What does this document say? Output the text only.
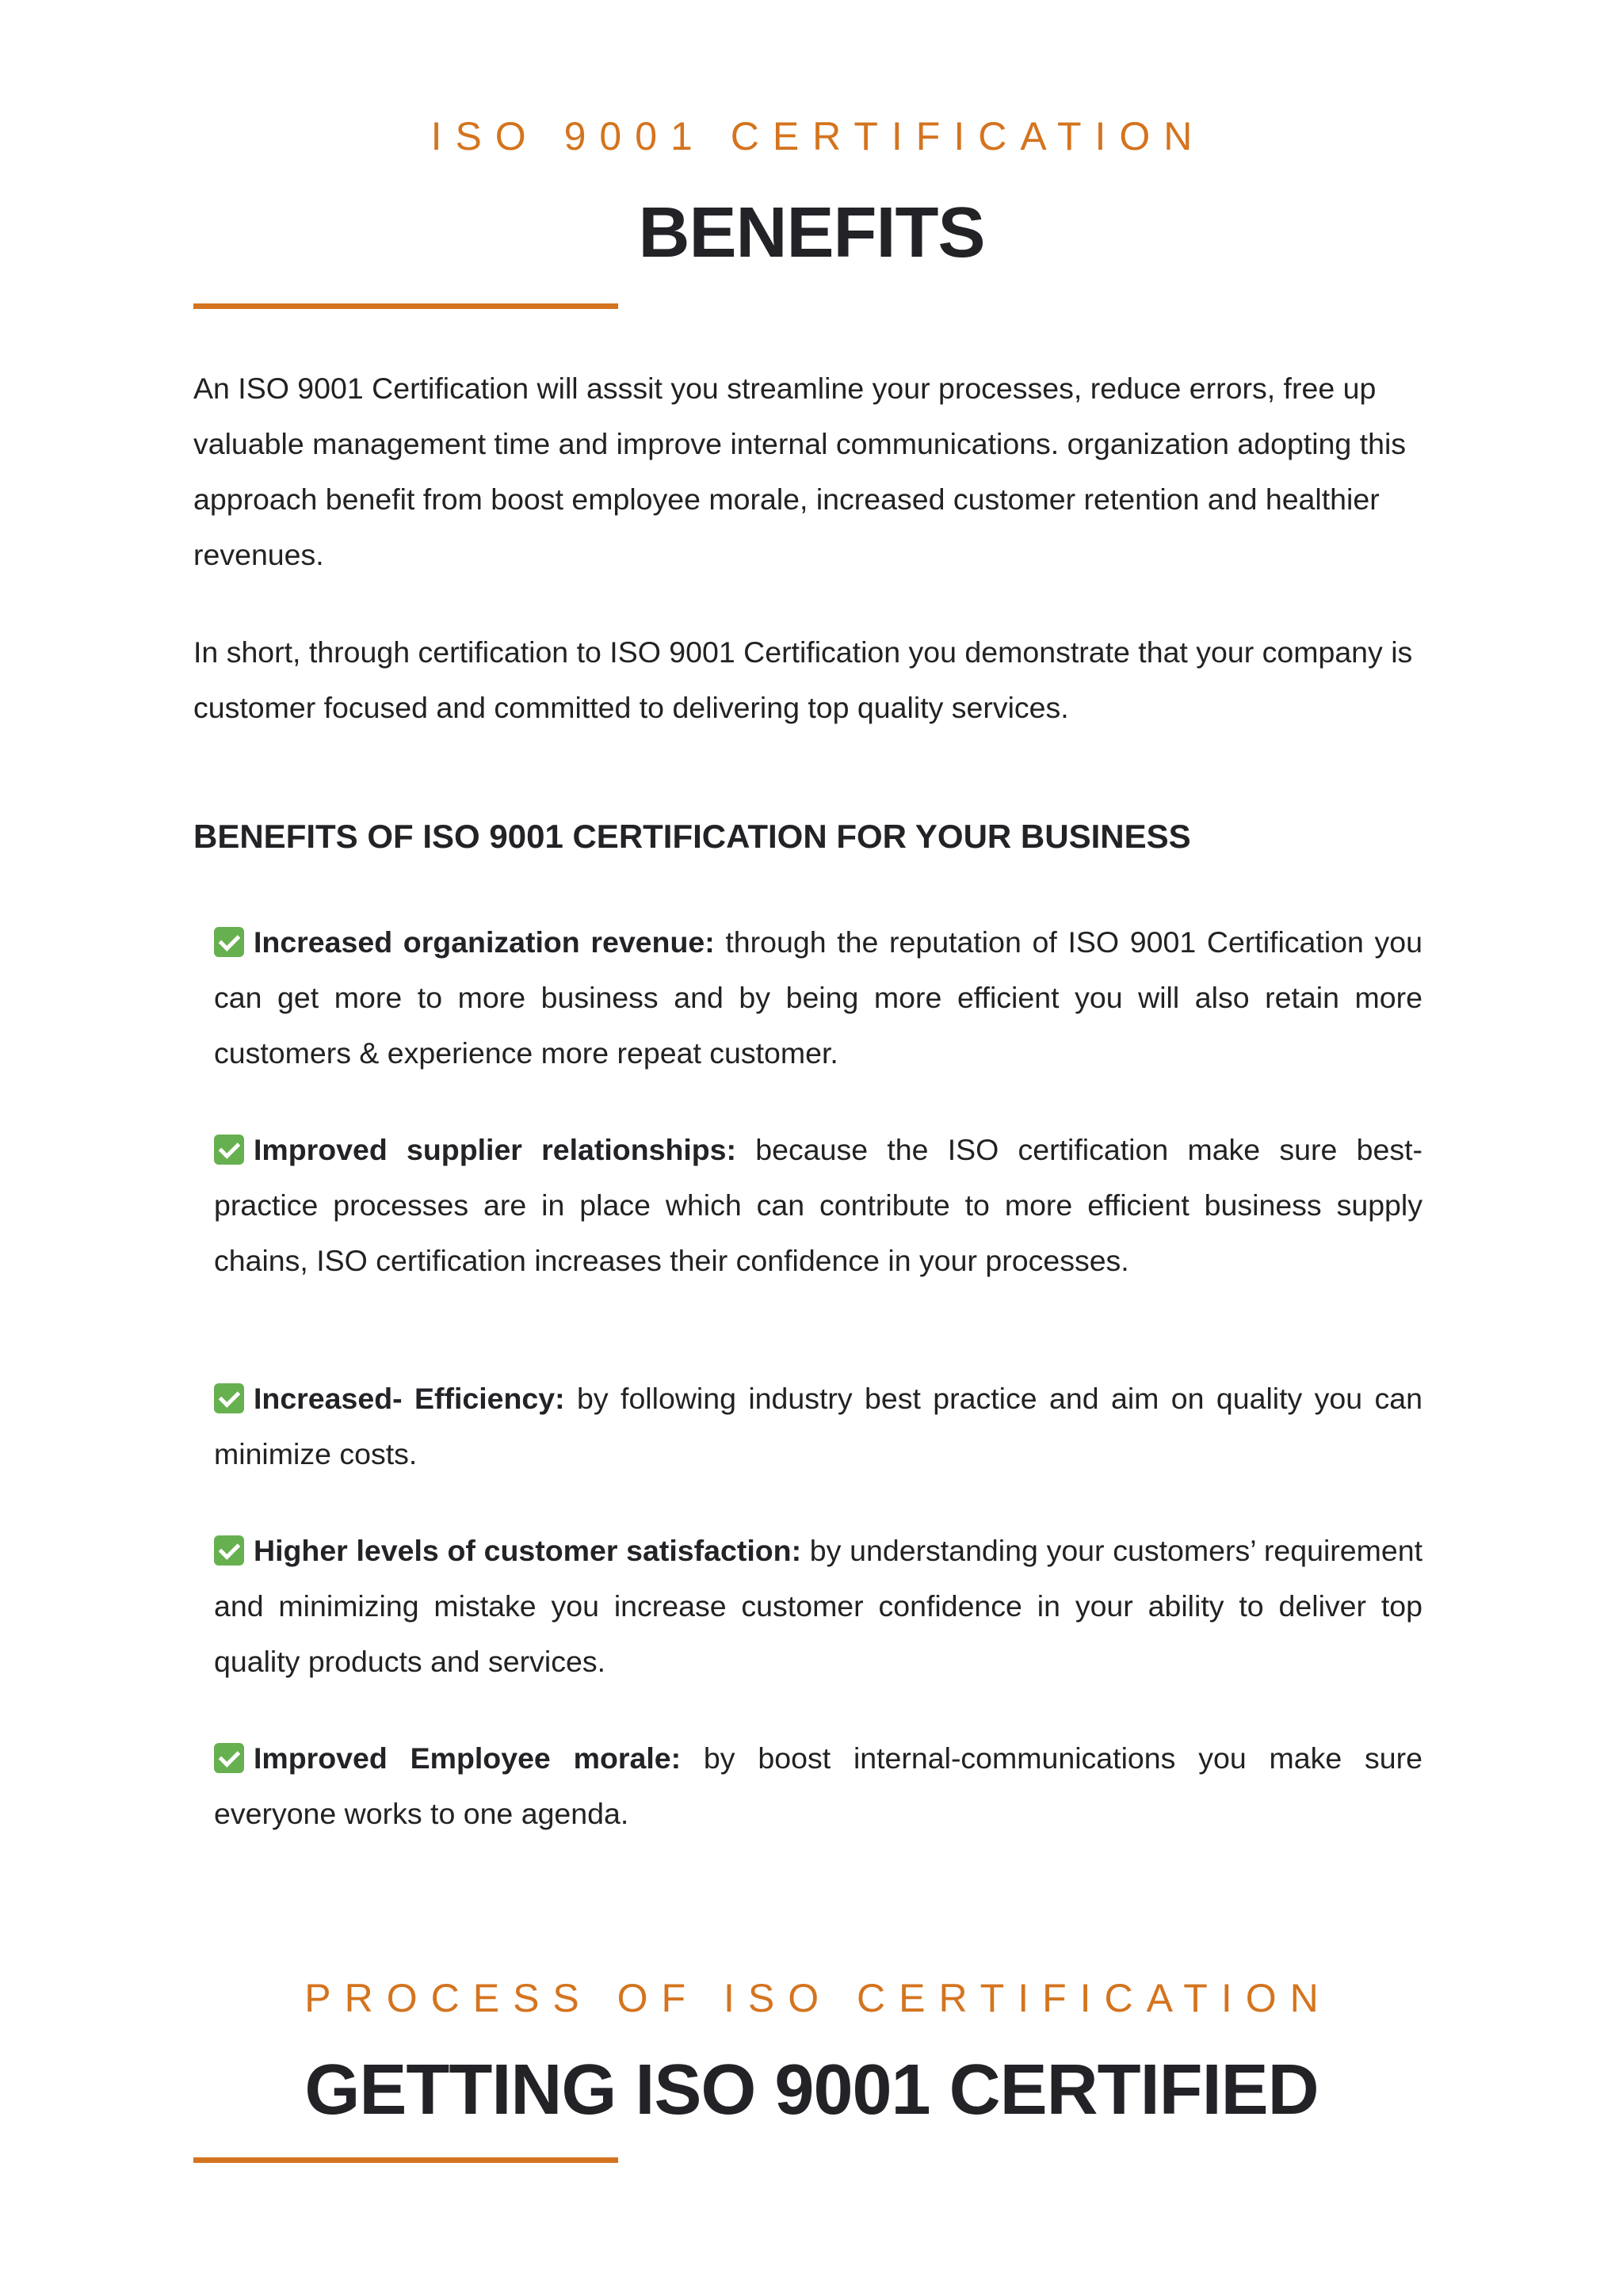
ISO 9001 CERTIFICATION
BENEFITS
An ISO 9001 Certification will asssit you streamline your processes, reduce errors, free up valuable management time and improve internal communications. organization adopting this approach benefit from boost employee morale, increased customer retention and healthier revenues.
In short, through certification to ISO 9001 Certification you demonstrate that your company is customer focused and committed to delivering top quality services.
BENEFITS OF ISO 9001 CERTIFICATION FOR YOUR BUSINESS
Increased organization revenue: through the reputation of ISO 9001 Certification you can get more to more business and by being more efficient you will also retain more customers & experience more repeat customer.
Improved supplier relationships: because the ISO certification make sure best-practice processes are in place which can contribute to more efficient business supply chains, ISO certification increases their confidence in your processes.
Increased- Efficiency: by following industry best practice and aim on quality you can minimize costs.
Higher levels of customer satisfaction: by understanding your customers’ requirement and minimizing mistake you increase customer confidence in your ability to deliver top quality products and services.
Improved Employee morale: by boost internal-communications you make sure everyone works to one agenda.
PROCESS OF ISO CERTIFICATION
GETTING ISO 9001 CERTIFIED
